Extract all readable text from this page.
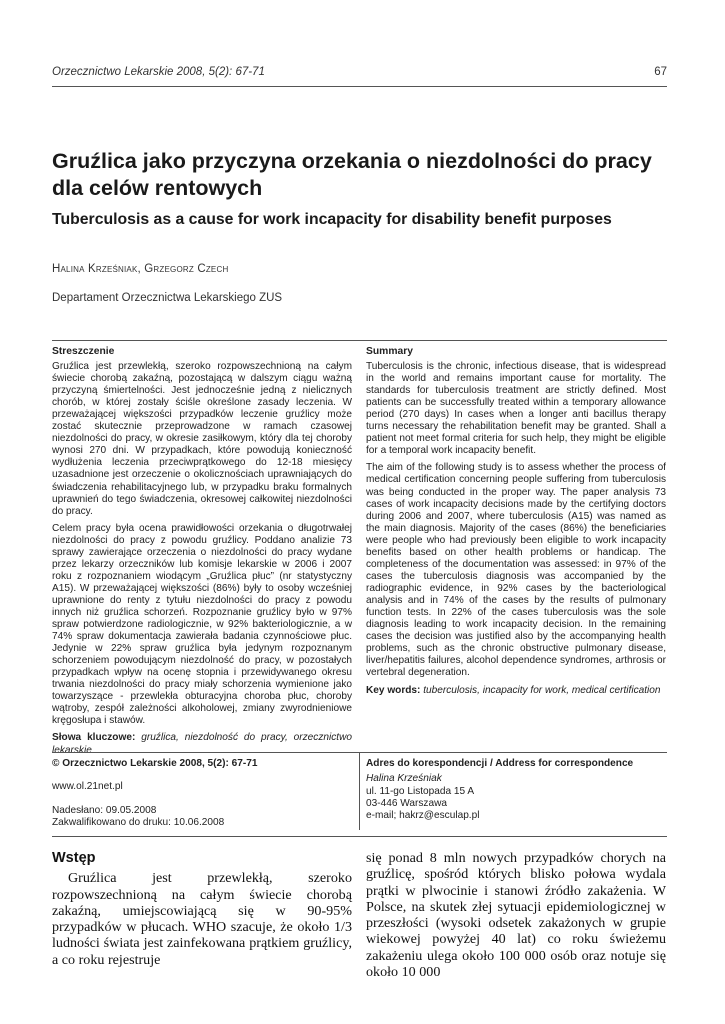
Orzecznictwo Lekarskie 2008, 5(2): 67-71	67
Gruźlica jako przyczyna orzekania o niezdolności do pracy dla celów rentowych
Tuberculosis as a cause for work incapacity for disability benefit purposes
Halina Krześniak, Grzegorz Czech
Departament Orzecznictwa Lekarskiego ZUS
Streszczenie

Gruźlica jest przewlekłą, szeroko rozpowszechnioną na całym świecie chorobą zakaźną, pozostającą w dalszym ciągu ważną przyczyną śmiertelności. Jest jednocześnie jedną z nielicznych chorób, w której zostały ściśle określone zasady leczenia. W przeważającej większości przypadków leczenie gruźlicy może zostać skutecznie przeprowadzone w ramach czasowej niezdolności do pracy, w okresie zasiłkowym, który dla tej choroby wynosi 270 dni. W przypadkach, które powodują konieczność wydłużenia leczenia przeciwprątkowego do 12-18 miesięcy uzasadnione jest orzeczenie o okolicznościach uprawniających do świadczenia rehabilitacyjnego lub, w przypadku braku formalnych uprawnień do tego świadczenia, okresowej całkowitej niezdolności do pracy.

Celem pracy była ocena prawidłowości orzekania o długotrwałej niezdolności do pracy z powodu gruźlicy. Poddano analizie 73 sprawy zawierające orzeczenia o niezdolności do pracy wydane przez lekarzy orzeczników lub komisje lekarskie w 2006 i 2007 roku z rozpoznaniem wiodącym „Gruźlica płuc” (nr statystyczny A15). W przeważającej większości (86%) były to osoby wcześniej uprawnione do renty z tytułu niezdolności do pracy z powodu innych niż gruźlica schorzeń. Rozpoznanie gruźlicy było w 97% spraw potwierdzone radiologicznie, w 92% bakteriologicznie, a w 74% spraw dokumentacja zawierała badania czynnościowe płuc. Jedynie w 22% spraw gruźlica była jedynym rozpoznanym schorzeniem powodującym niezdolność do pracy, w pozostałych przypadkach wpływ na ocenę stopnia i przewidywanego okresu trwania niezdolności do pracy miały schorzenia wymienione jako towarzyszące - przewlekła obturacyjna choroba płuc, choroby wątroby, zespół zależności alkoholowej, zmiany zwyrodnieniowe kręgosłupa i stawów.

Słowa kluczowe: gruźlica, niezdolność do pracy, orzecznictwo lekarskie

Summary

Tuberculosis is the chronic, infectious disease, that is widespread in the world and remains important cause for mortality. The standards for tuberculosis treatment are strictly defined. Most patients can be successfully treated within a temporary allowance period (270 days) In cases when a longer anti bacillus therapy turns necessary the rehabilitation benefit may be granted. Shall a patient not meet formal criteria for such help, they might be eligible for a temporal work incapacity benefit.

The aim of the following study is to assess whether the process of medical certification concerning people suffering from tuberculosis was being conducted in the proper way. The paper analysis 73 cases of work incapacity decisions made by the certifying doctors during 2006 and 2007, where tuberculosis (A15) was named as the main diagnosis. Majority of the cases (86%) the beneficiaries were people who had previously been eligible to work incapacity benefits based on other health problems or handicap. The completeness of the documentation was assessed: in 97% of the cases the tuberculosis diagnosis was accompanied by the radiographic evidence, in 92% cases by the bacteriological analysis and in 74% of the cases by the results of pulmonary function tests. In 22% of the cases tuberculosis was the sole diagnosis leading to work incapacity decision. In the remaining cases the decision was justified also by the accompanying health problems, such as the chronic obstructive pulmonary disease, liver/hepatitis failures, alcohol dependence syndromes, arthrosis or vertebral degeneration.

Key words: tuberculosis, incapacity for work, medical certification

© Orzecznictwo Lekarskie 2008, 5(2): 67-71
www.ol.21net.pl
Nadesłano: 09.05.2008
Zakwalifikowano do druku: 10.06.2008
Adres do korespondencji / Address for correspondence
Halina Krześniak
ul. 11-go Listopada 15 A
03-446 Warszawa
e-mail; hakrz@esculap.pl
Wstęp

Gruźlica jest przewlekłą, szeroko rozpowszechnioną na całym świecie chorobą zakaźną, umiejscowiającą się w 90-95% przypadków w płucach. WHO szacuje, że około 1/3 ludności świata jest zainfekowana prątkiem gruźlicy, a co roku rejestruje

się ponad 8 mln nowych przypadków chorych na gruźlicę, spośród których blisko połowa wydala prątki w plwocinie i stanowi źródło zakażenia. W Polsce, na skutek złej sytuacji epidemiologicznej w przeszłości (wysoki odsetek zakażonych w grupie wiekowej powyżej 40 lat) co roku świeżemu zakażeniu ulega około 100 000 osób oraz notuje się około 10 000
